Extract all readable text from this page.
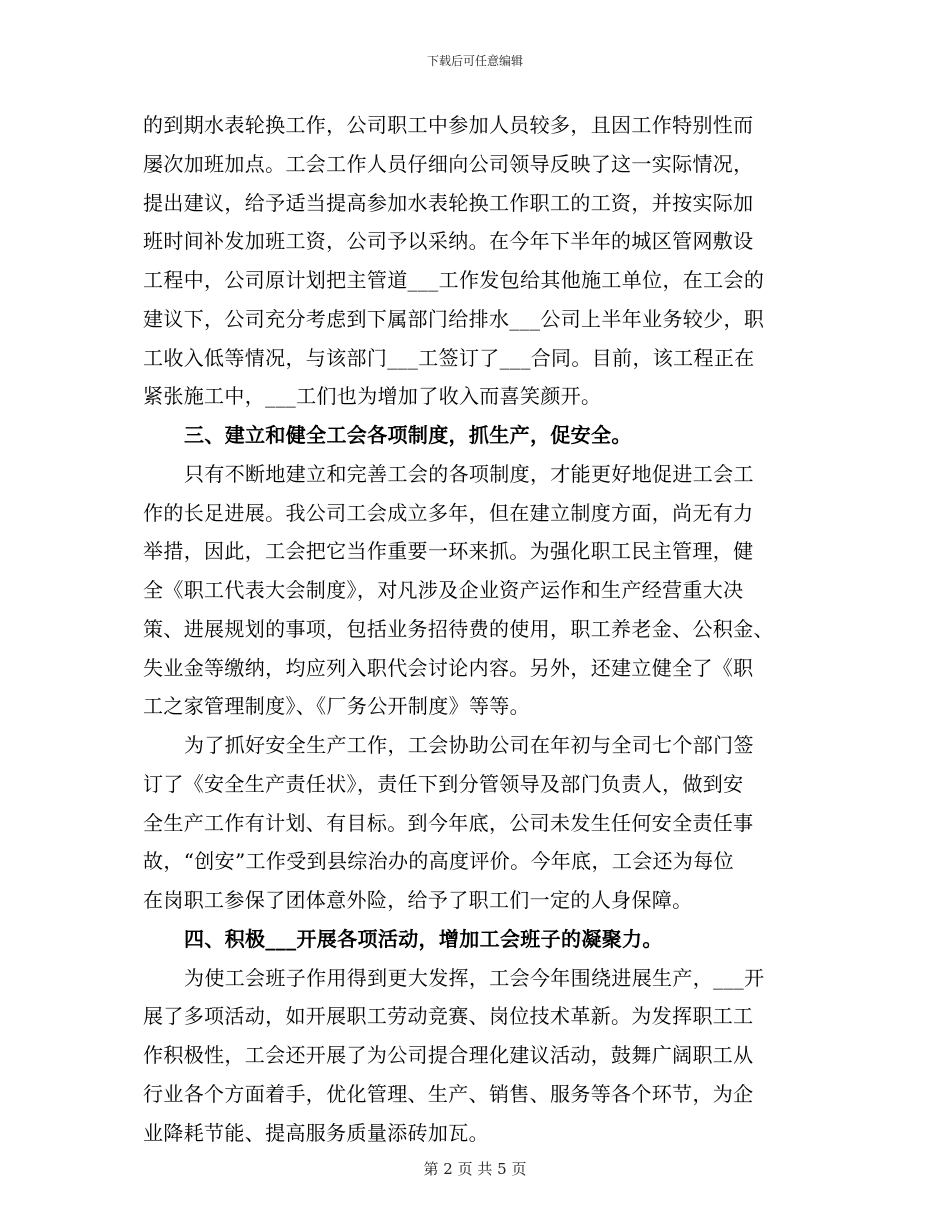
下载后可任意编辑
的到期水表轮换工作，公司职工中参加人员较多，且因工作特别性而
屡次加班加点。工会工作人员仔细向公司领导反映了这一实际情况，
提出建议，给予适当提高参加水表轮换工作职工的工资，并按实际加
班时间补发加班工资，公司予以采纳。在今年下半年的城区管网敷设
工程中，公司原计划把主管道___工作发包给其他施工单位，在工会的
建议下，公司充分考虑到下属部门给排水___公司上半年业务较少，职
工收入低等情况，与该部门___工签订了___合同。目前，该工程正在
紧张施工中，___工们也为增加了收入而喜笑颜开。
三、建立和健全工会各项制度，抓生产，促安全。
只有不断地建立和完善工会的各项制度，才能更好地促进工会工
作的长足进展。我公司工会成立多年，但在建立制度方面，尚无有力
举措，因此，工会把它当作重要一环来抓。为强化职工民主管理，健
全《职工代表大会制度》，对凡涉及企业资产运作和生产经营重大决
策、进展规划的事项，包括业务招待费的使用，职工养老金、公积金、
失业金等缴纳，均应列入职代会讨论内容。另外，还建立健全了《职
工之家管理制度》、《厂务公开制度》等等。
为了抓好安全生产工作，工会协助公司在年初与全司七个部门签
订了《安全生产责任状》，责任下到分管领导及部门负责人，做到安
全生产工作有计划、有目标。到今年底，公司未发生任何安全责任事
故，“创安”工作受到县综治办的高度评价。今年底，工会还为每位
在岗职工参保了团体意外险，给予了职工们一定的人身保障。
四、积极___开展各项活动，增加工会班子的凝聚力。
为使工会班子作用得到更大发挥，工会今年围绕进展生产，___开
展了多项活动，如开展职工劳动竞赛、岗位技术革新。为发挥职工工
作积极性，工会还开展了为公司提合理化建议活动，鼓舞广阔职工从
行业各个方面着手，优化管理、生产、销售、服务等各个环节，为企
业降耗节能、提高服务质量添砖加瓦。
第 2 页 共 5 页
